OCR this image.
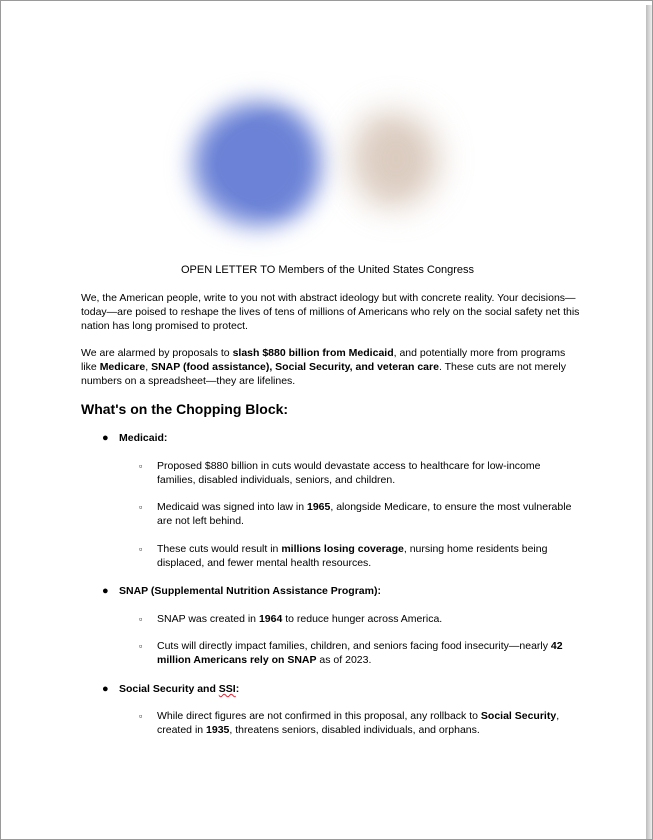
OPEN LETTER TO Members of the United States Congress

We, the American people, write to you not with abstract ideology but with concrete reality. Your decisions—today—are poised to reshape the lives of tens of millions of Americans who rely on the social safety net this nation has long promised to protect.

We are alarmed by proposals to slash $880 billion from Medicaid, and potentially more from programs like Medicare, SNAP (food assistance), Social Security, and veteran care. These cuts are not merely numbers on a spreadsheet—they are lifelines.

What's on the Chopping Block:
● Medicaid:
▫ Proposed $880 billion in cuts would devastate access to healthcare for low-income families, disabled individuals, seniors, and children.

▫ Medicaid was signed into law in 1965, alongside Medicare, to ensure the most vulnerable are not left behind.

▫ These cuts would result in millions losing coverage, nursing home residents being displaced, and fewer mental health resources.

● SNAP (Supplemental Nutrition Assistance Program):
▫ SNAP was created in 1964 to reduce hunger across America.

▫ Cuts will directly impact families, children, and seniors facing food insecurity—nearly 42 million Americans rely on SNAP as of 2023.

● Social Security and SSI:
▫ While direct figures are not confirmed in this proposal, any rollback to Social Security, created in 1935, threatens seniors, disabled individuals, and orphans.
